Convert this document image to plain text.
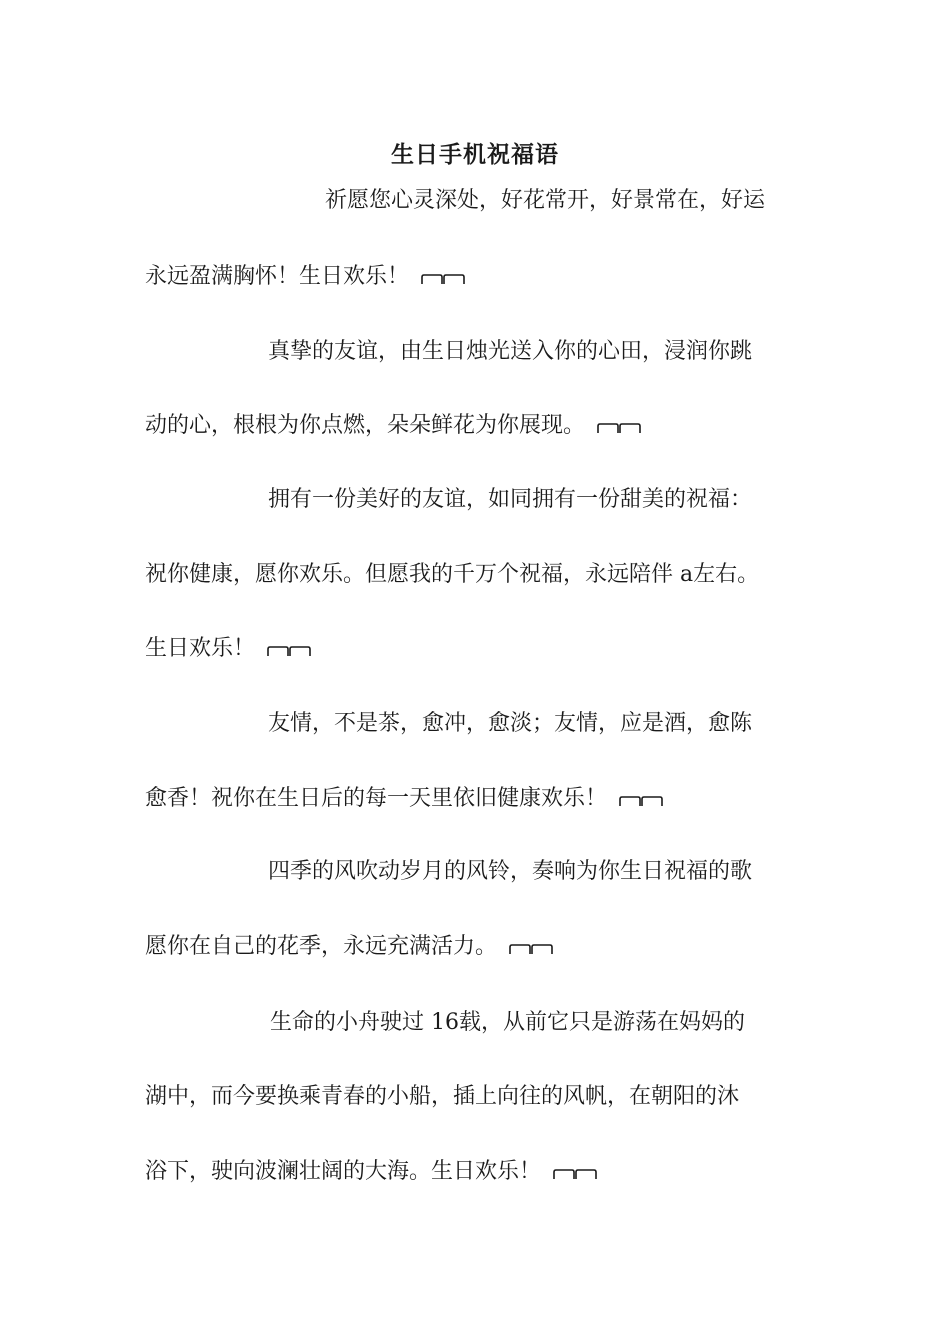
生日手机祝福语
祈愿您心灵深处，好花常开，好景常在，好运
永远盈满胸怀！生日欢乐！
真挚的友谊，由生日烛光送入你的心田，浸润你跳
动的心，根根为你点燃，朵朵鲜花为你展现。
拥有一份美好的友谊，如同拥有一份甜美的祝福：
祝你健康，愿你欢乐。但愿我的千万个祝福，永远陪伴 a左右。
生日欢乐！
友情，不是茶，愈冲，愈淡；友情，应是酒，愈陈
愈香！祝你在生日后的每一天里依旧健康欢乐！
四季的风吹动岁月的风铃，奏响为你生日祝福的歌
愿你在自己的花季，永远充满活力。
生命的小舟驶过 16载，从前它只是游荡在妈妈的
湖中，而今要换乘青春的小船，插上向往的风帆，在朝阳的沐
浴下，驶向波澜壮阔的大海。生日欢乐！
